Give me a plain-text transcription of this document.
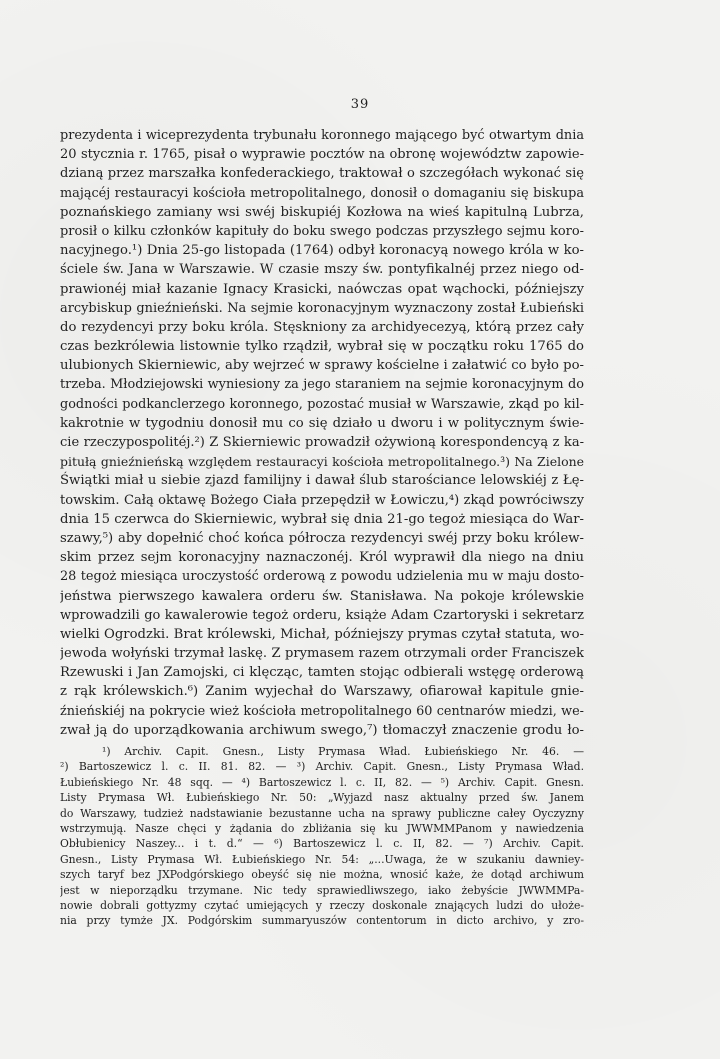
39
prezydenta i wiceprezydenta trybunału koronnego mającego być otwartym dnia
20 stycznia r. 1765, pisał o wyprawie pocztów na obronę województw zapowie-
dzianą przez marszałka konfederackiego, traktował o szczegółach wykonać się
mającéj restauracyi kościoła metropolitalnego, donosił o domaganiu się biskupa
poznańskiego zamiany wsi swéj biskupiéj Kozłowa na wieś kapitulną Lubrza,
prosił o kilku członków kapituły do boku swego podczas przyszłego sejmu koro-
nacyjnego.¹) Dnia 25-go listopada (1764) odbył koronacyą nowego króla w ko-
ściele św. Jana w Warszawie. W czasie mszy św. pontyfikalnéj przez niego od-
prawionéj miał kazanie Ignacy Krasicki, naówczas opat wąchocki, późniejszy
arcybiskup gnieźnieński. Na sejmie koronacyjnym wyznaczony został Łubieński
do rezydencyi przy boku króla. Stęskniony za archidyecezyą, którą przez cały
czas bezkrólewia listownie tylko rządził, wybrał się w początku roku 1765 do
ulubionych Skierniewic, aby wejrzeć w sprawy kościelne i załatwić co było po-
trzeba. Młodziejowski wyniesiony za jego staraniem na sejmie koronacyjnym do
godności podkanclerzego koronnego, pozostać musiał w Warszawie, zkąd po kil-
kakrotnie w tygodniu donosił mu co się działo u dworu i w politycznym świe-
cie rzeczypospolitéj.²) Z Skierniewic prowadził ożywioną korespondencyą z ka-
pitułą gnieźnieńską względem restauracyi kościoła metropolitalnego.³) Na Zielone
Świątki miał u siebie zjazd familijny i dawał ślub starościance lelowskiéj z Łę-
towskim. Całą oktawę Bożego Ciała przepędził w Łowiczu,⁴) zkąd powróciwszy
dnia 15 czerwca do Skierniewic, wybrał się dnia 21-go tegoż miesiąca do War-
szawy,⁵) aby dopełnić choć końca półrocza rezydencyi swéj przy boku królew-
skim przez sejm koronacyjny naznaczonéj. Król wyprawił dla niego na dniu
28 tegoż miesiąca uroczystość orderową z powodu udzielenia mu w maju dosto-
jeństwa pierwszego kawalera orderu św. Stanisława. Na pokoje królewskie
wprowadzili go kawalerowie tegoż orderu, książe Adam Czartoryski i sekretarz
wielki Ogrodzki. Brat królewski, Michał, późniejszy prymas czytał statuta, wo-
jewoda wołyński trzymał laskę. Z prymasem razem otrzymali order Franciszek
Rzewuski i Jan Zamojski, ci klęcząc, tamten stojąc odbierali wstęgę orderową
z rąk królewskich.⁶) Zanim wyjechał do Warszawy, ofiarował kapitule gnie-
źnieńskiéj na pokrycie wież kościoła metropolitalnego 60 centnarów miedzi, we-
zwał ją do uporządkowania archiwum swego,⁷) tłomaczył znaczenie grodu ło-
¹) Archiv. Capit. Gnesn., Listy Prymasa Wład. Łubieńskiego Nr. 46. —
²) Bartoszewicz l. c. II. 81. 82. — ³) Archiv. Capit. Gnesn., Listy Prymasa Wład.
Łubieńskiego Nr. 48 sqq. — ⁴) Bartoszewicz l. c. II, 82. — ⁵) Archiv. Capit. Gnesn.
Listy Prymasa Wł. Łubieńskiego Nr. 50: „Wyjazd nasz aktualny przed św. Janem
do Warszawy, tudzież nadstawianie bezustanne ucha na sprawy publiczne całey Oyczyzny
wstrzymują. Nasze chęci y żądania do zbliżania się ku JWWMMPanom y nawiedzenia
Obłubienicy Naszey... i t. d.“ — ⁶) Bartoszewicz l. c. II, 82. — ⁷) Archiv. Capit.
Gnesn., Listy Prymasa Wł. Łubieńskiego Nr. 54: „...Uwaga, że w szukaniu dawniey-
szych taryf bez JXPodgórskiego obeyść się nie można, wnosić każe, że dotąd archiwum
jest w nieporządku trzymane. Nic tedy sprawiedliwszego, iako żebyście JWWMMPa-
nowie dobrali gottyzmy czytać umiejących y rzeczy doskonale znających ludzi do ułoże-
nia przy tymże JX. Podgórskim summaryuszów contentorum in dicto archivo, y zro-
